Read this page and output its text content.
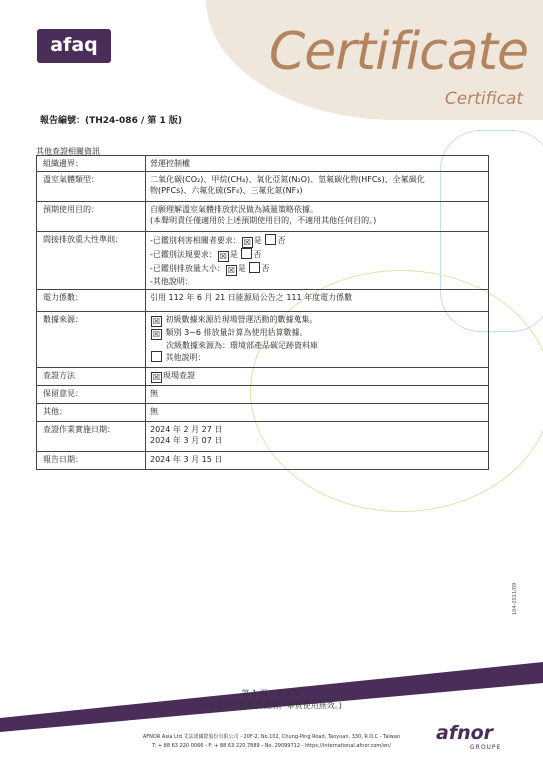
afaq	Certificate
Certificat
報告編號：(TH24-086 / 第 1 版)
其他查證相關資訊
組織邊界：	營運控制權

溫室氣體類型：	二氧化碳(CO₂)、甲烷(CH₄)、氧化亞氮(N₂O)、氫氟碳化物(HFCs)、全氟碳化
物(PFCs)、六氟化硫(SF₆)、三氟化氮(NF₃)

預期使用目的：	自願理解溫室氣體排放狀況做為減量策略依據。
(本聲明責任僅適用於上述預期使用目的，不適用其他任何目的。)

間接排放重大性準則：	-已鑑別利害相關者要求： ☒ 是 否
-已鑑別法規要求： ☒ 是 否
-已鑑別排放量大小： ☒ 是 否
-其他說明：

電力係數：	引用 112 年 6 月 21 日能源局公告之 111 年度電力係數

數據來源：	☒ 初級數據來源於現場營運活動的數據蒐集。
☒ 類別 3~6 排放量計算為使用估算數據。
次級數據來源為：環境部產品碳足跡資料庫
其他說明：

查證方法	☒ 現場查證

保留意見：	無

其他：	無

查證作業實施日期：	2024 年 2 月 27 日
2024 年 3 月 07 日

報告日期：	2024 年 3 月 15 日
104-2011/09
第 1 頁，共 4 頁
( 本文件不可單頁使用，單頁使用無效。)
AFNOR Asia Ltd 艾法諾國際股份有限公司 - 20F-2, No.102, Chung-Ping Road, Taoyuan, 330, R.O.C - Taiwan
T: + 88 63 220 0066 - F: + 88 63 220 7889 - No. 29099712 - https://international.afnor.com/en/
afnor
GROUPE
